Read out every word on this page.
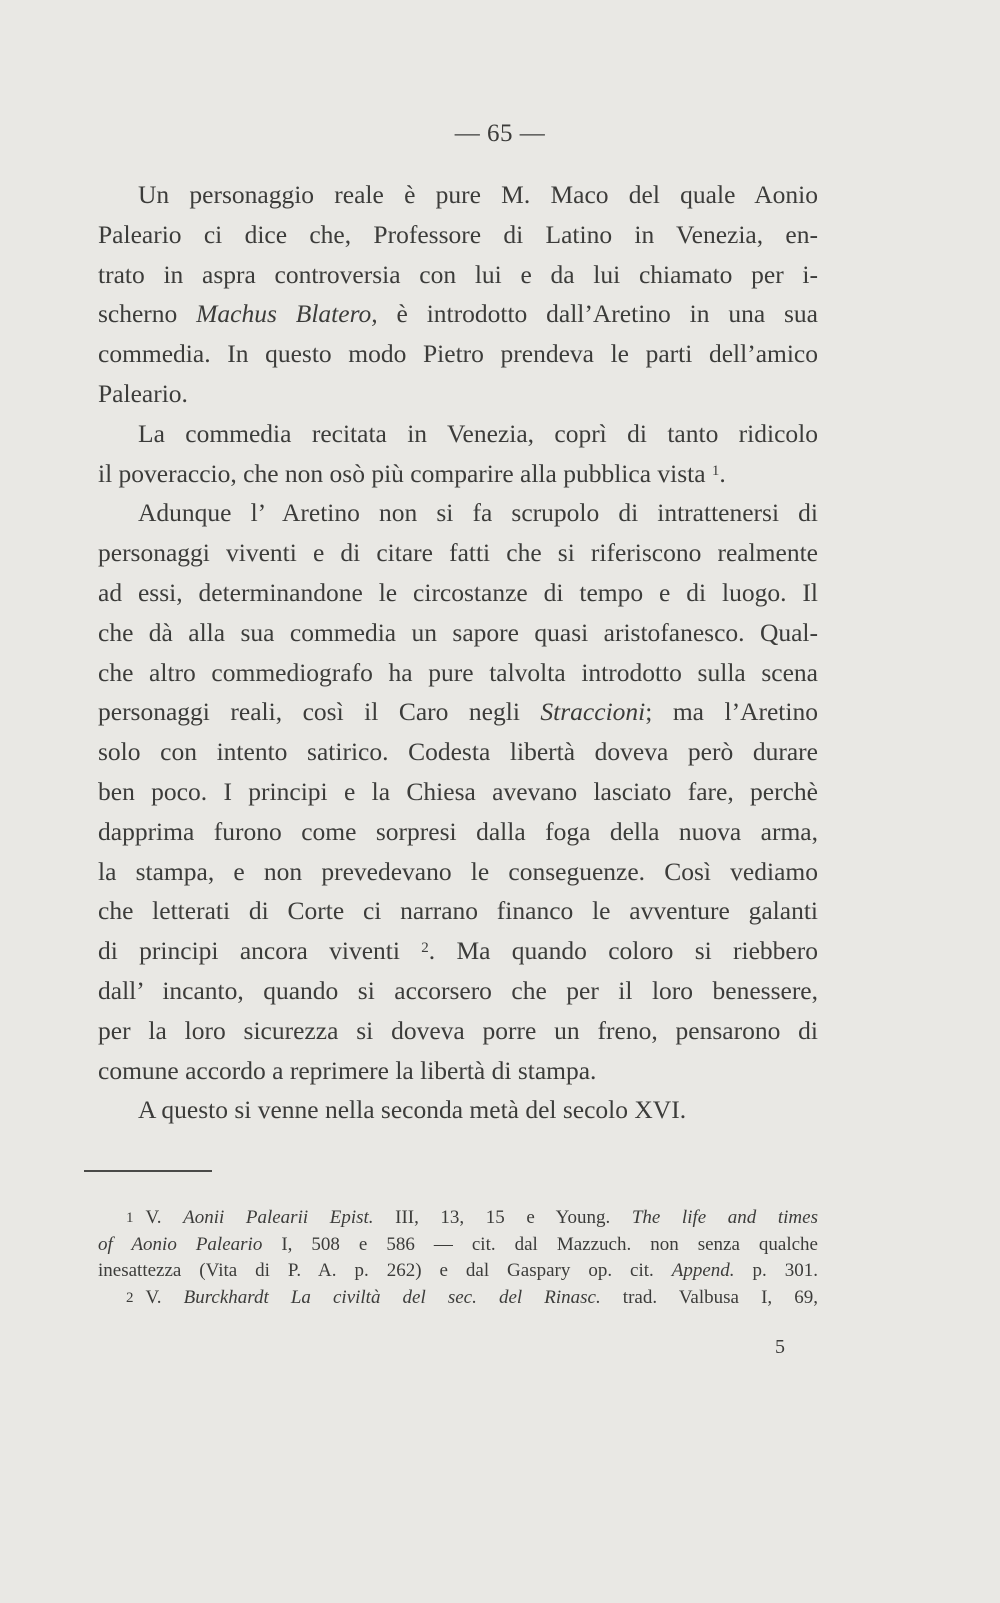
— 65 —
Un personaggio reale è pure M. Maco del quale Aonio
Paleario ci dice che, Professore di Latino in Venezia, en-
trato in aspra controversia con lui e da lui chiamato per i-
scherno Machus Blatero, è introdotto dall’Aretino in una sua
commedia. In questo modo Pietro prendeva le parti dell’amico
Paleario.
La commedia recitata in Venezia, coprì di tanto ridicolo
il poveraccio, che non osò più comparire alla pubblica vista $^1$.
Adunque l’ Aretino non si fa scrupolo di intrattenersi di
personaggi viventi e di citare fatti che si riferiscono realmente
ad essi, determinandone le circostanze di tempo e di luogo. Il
che dà alla sua commedia un sapore quasi aristofanesco. Qual-
che altro commediografo ha pure talvolta introdotto sulla scena
personaggi reali, così il Caro negli Straccioni; ma l’Aretino
solo con intento satirico. Codesta libertà doveva però durare
ben poco. I principi e la Chiesa avevano lasciato fare, perchè
dapprima furono come sorpresi dalla foga della nuova arma,
la stampa, e non prevedevano le conseguenze. Così vediamo
che letterati di Corte ci narrano financo le avventure galanti
di principi ancora viventi $^2$. Ma quando coloro si riebbero
dall’ incanto, quando si accorsero che per il loro benessere,
per la loro sicurezza si doveva porre un freno, pensarono di
comune accordo a reprimere la libertà di stampa.
A questo si venne nella seconda metà del secolo XVI.
$^1$ V. Aonii Palearii Epist. III, 13, 15 e Young. The life and times
of Aonio Paleario I, 508 e 586 — cit. dal Mazzuch. non senza qualche
inesattezza (Vita di P. A. p. 262) e dal Gaspary op. cit. Append. p. 301.
$^2$ V. Burckhardt La civiltà del sec. del Rinasc. trad. Valbusa I, 69,
5
